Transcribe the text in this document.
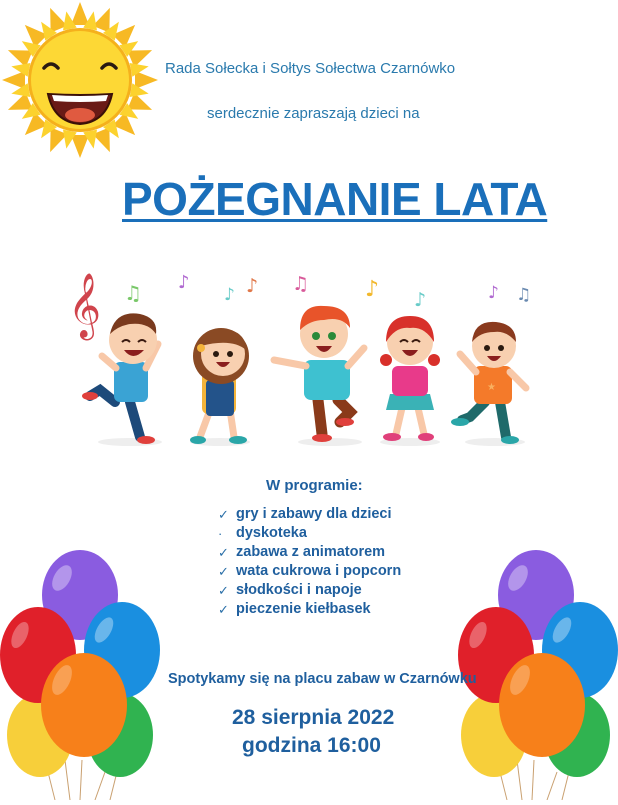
Rada Sołecka i Sołtys Sołectwa Czarnówko
serdecznie zapraszają dzieci na
POŻEGNANIE LATA
𝄞 ♫ ♪
♪ ♪ ♫	♪ ♪	♪ ♫
★
W programie:
✓ gry i zabawy dla dzieci
· dyskoteka
✓ zabawa z animatorem
✓ wata cukrowa i popcorn
✓ słodkości i napoje
✓ pieczenie kiełbasek
Spotykamy się na placu zabaw w Czarnówku
28 sierpnia 2022
godzina 16:00
